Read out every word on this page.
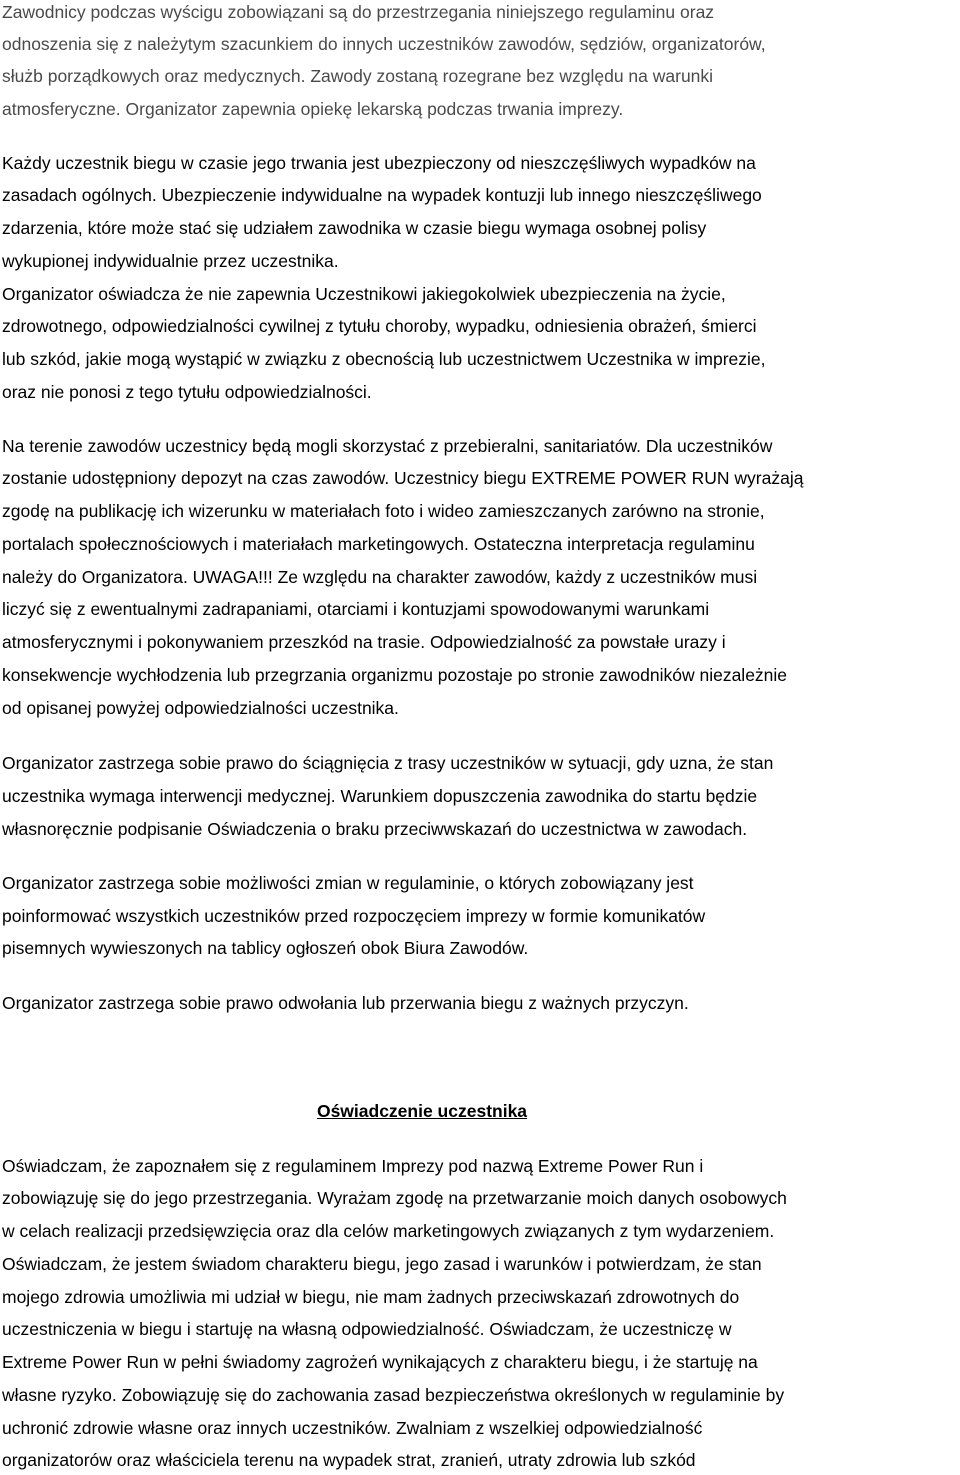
Zawodnicy podczas wyścigu zobowiązani są do przestrzegania niniejszego regulaminu oraz
odnoszenia się z należytym szacunkiem do innych uczestników zawodów, sędziów, organizatorów,
służb porządkowych oraz medycznych. Zawody zostaną rozegrane bez względu na warunki
atmosferyczne. Organizator zapewnia opiekę lekarską podczas trwania imprezy.
Każdy uczestnik biegu w czasie jego trwania jest ubezpieczony od nieszczęśliwych wypadków na
zasadach ogólnych. Ubezpieczenie indywidualne na wypadek kontuzji lub innego nieszczęśliwego
zdarzenia, które może stać się udziałem zawodnika w czasie biegu wymaga osobnej polisy
wykupionej indywidualnie przez uczestnika.
Organizator oświadcza że nie zapewnia Uczestnikowi jakiegokolwiek ubezpieczenia na życie,
zdrowotnego, odpowiedzialności cywilnej z tytułu choroby, wypadku, odniesienia obrażeń, śmierci
lub szkód, jakie mogą wystąpić w związku z obecnością lub uczestnictwem Uczestnika w imprezie,
oraz nie ponosi z tego tytułu odpowiedzialności.
Na terenie zawodów uczestnicy będą mogli skorzystać z przebieralni, sanitariatów. Dla uczestników
zostanie udostępniony depozyt na czas zawodów. Uczestnicy biegu EXTREME POWER RUN wyrażają
zgodę na publikację ich wizerunku w materiałach foto i wideo zamieszczanych zarówno na stronie,
portalach społecznościowych i materiałach marketingowych. Ostateczna interpretacja regulaminu
należy do Organizatora. UWAGA!!! Ze względu na charakter zawodów, każdy z uczestników musi
liczyć się z ewentualnymi zadrapaniami, otarciami i kontuzjami spowodowanymi warunkami
atmosferycznymi i pokonywaniem przeszkód na trasie. Odpowiedzialność za powstałe urazy i
konsekwencje wychłodzenia lub przegrzania organizmu pozostaje po stronie zawodników niezależnie
od opisanej powyżej odpowiedzialności uczestnika.
Organizator zastrzega sobie prawo do ściągnięcia z trasy uczestników w sytuacji, gdy uzna, że stan
uczestnika wymaga interwencji medycznej. Warunkiem dopuszczenia zawodnika do startu będzie
własnoręcznie podpisanie Oświadczenia o braku przeciwwskazań do uczestnictwa w zawodach.
Organizator zastrzega sobie możliwości zmian w regulaminie, o których zobowiązany jest
poinformować wszystkich uczestników przed rozpoczęciem imprezy w formie komunikatów
pisemnych wywieszonych na tablicy ogłoszeń obok Biura Zawodów.
Organizator zastrzega sobie prawo odwołania lub przerwania biegu z ważnych przyczyn.
Oświadczenie uczestnika
Oświadczam, że zapoznałem się z regulaminem Imprezy pod nazwą Extreme Power Run i
zobowiązuję się do jego przestrzegania. Wyrażam zgodę na przetwarzanie moich danych osobowych
w celach realizacji przedsięwzięcia oraz dla celów marketingowych związanych z tym wydarzeniem.
Oświadczam, że jestem świadom charakteru biegu, jego zasad i warunków i potwierdzam, że stan
mojego zdrowia umożliwia mi udział w biegu, nie mam żadnych przeciwskazań zdrowotnych do
uczestniczenia w biegu i startuję na własną odpowiedzialność. Oświadczam, że uczestniczę w
Extreme Power Run w pełni świadomy zagrożeń wynikających z charakteru biegu, i że startuję na
własne ryzyko. Zobowiązuję się do zachowania zasad bezpieczeństwa określonych w regulaminie by
uchronić zdrowie własne oraz innych uczestników. Zwalniam z wszelkiej odpowiedzialność
organizatorów oraz właściciela terenu na wypadek strat, zranień, utraty zdrowia lub szkód
